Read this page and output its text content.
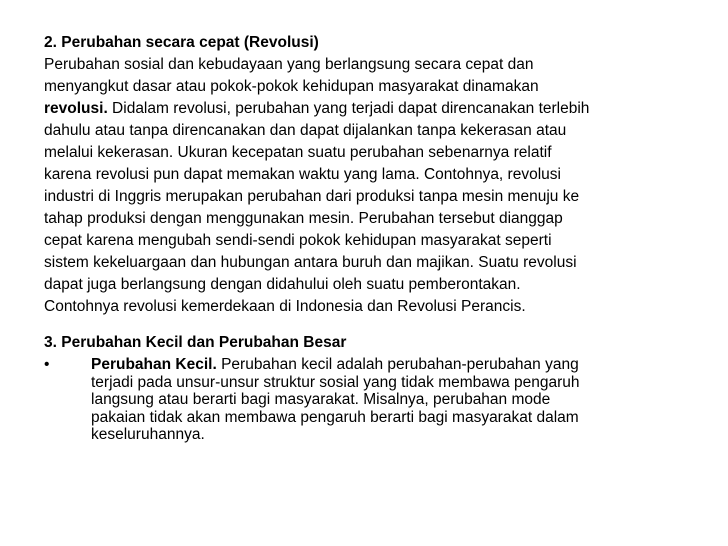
2. Perubahan secara cepat (Revolusi)

Perubahan sosial dan kebudayaan yang berlangsung secara cepat dan
menyangkut dasar atau pokok-pokok kehidupan masyarakat dinamakan
revolusi. Didalam revolusi, perubahan yang terjadi dapat direncanakan terlebih
dahulu atau tanpa direncanakan dan dapat dijalankan tanpa kekerasan atau
melalui kekerasan. Ukuran kecepatan suatu perubahan sebenarnya relatif
karena revolusi pun dapat memakan waktu yang lama. Contohnya, revolusi
industri di Inggris merupakan perubahan dari produksi tanpa mesin menuju ke
tahap produksi dengan menggunakan mesin. Perubahan tersebut dianggap
cepat karena mengubah sendi-sendi pokok kehidupan masyarakat seperti
sistem kekeluargaan dan hubungan antara buruh dan majikan. Suatu revolusi
dapat juga berlangsung dengan didahului oleh suatu pemberontakan.
Contohnya revolusi kemerdekaan di Indonesia dan Revolusi Perancis.

3. Perubahan Kecil dan Perubahan Besar

•	Perubahan Kecil. Perubahan kecil adalah perubahan-perubahan yang
terjadi pada unsur-unsur struktur sosial yang tidak membawa pengaruh
langsung atau berarti bagi masyarakat. Misalnya, perubahan mode
pakaian tidak akan membawa pengaruh berarti bagi masyarakat dalam
keseluruhannya.
